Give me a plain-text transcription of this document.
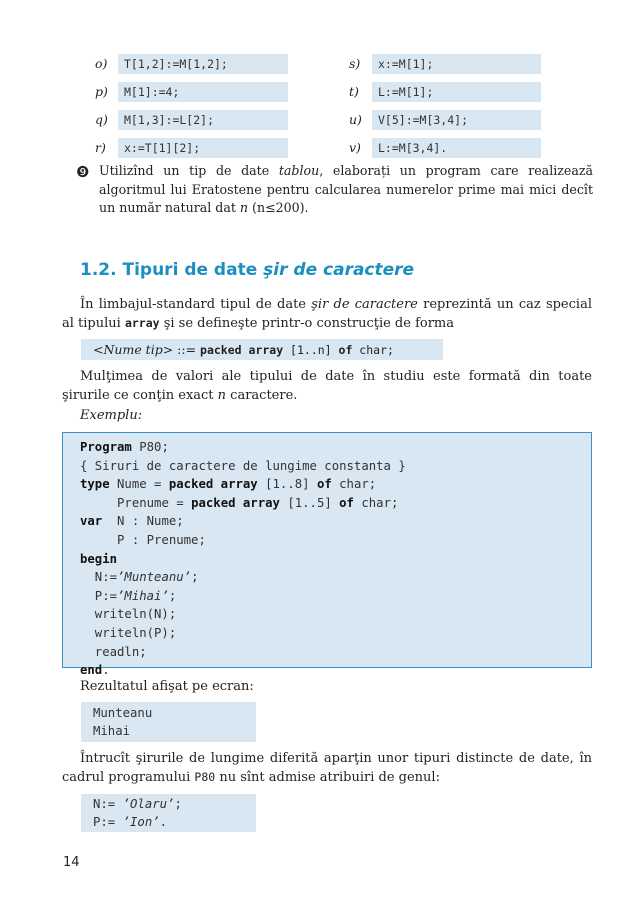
o)	T[1,2]:=M[1,2];
p)	M[1]:=4;
q)	M[1,3]:=L[2];
r)	x:=T[1][2];
s)	x:=M[1];
t)	L:=M[1];
u)	V[5]:=M[3,4];
v)	L:=M[3,4].
❾ Utilizînd un tip de date tablou, elaborați un program care realizează algoritmul lui Eratostene pentru calcularea numerelor prime mai mici decît un număr natural dat n (n≤200).
1.2. Tipuri de date şir de caractere
În limbajul-standard tipul de date şir de caractere reprezintă un caz special al tipului array şi se defineşte printr-o construcţie de forma
<Nume tip> ::= packed array [1..n] of char;
Mulţimea de valori ale tipului de date în studiu este formată din toate şirurile ce conţin exact n caractere.
Exemplu:
Program P80;
{ Siruri de caractere de lungime constanta }
type Nume = packed array [1..8] of char;
Prenume = packed array [1..5] of char;
var  N : Nume;
P : Prenume;
begin
N:=’Munteanu’;
P:=’Mihai’;
writeln(N);
writeln(P);
readln;
end.
Rezultatul afişat pe ecran:
Munteanu
Mihai
Întrucît şirurile de lungime diferită aparţin unor tipuri distincte de date, în cadrul programului P80 nu sînt admise atribuiri de genul:
N:= ’Olaru’;
P:= ’Ion’.
14
